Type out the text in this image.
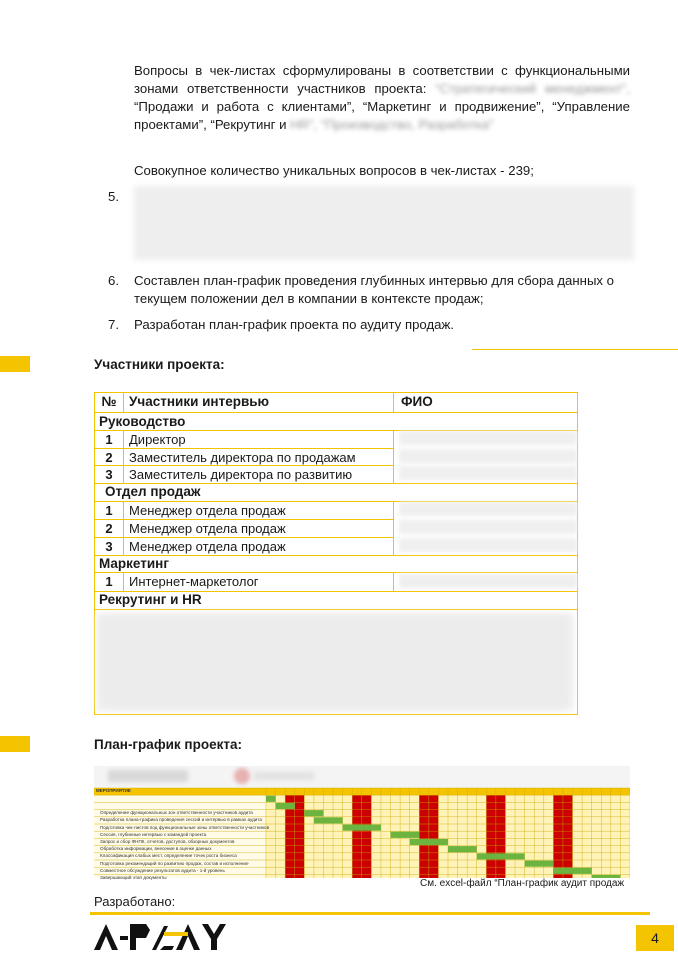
Вопросы в чек-листах сформулированы в соответствии с функциональными зонами ответственности участников проекта: “Стратегический менеджмент”, “Продажи и работа с клиентами”, “Маркетинг и продвижение”, “Управление проектами”, “Рекрутинг и HR”, “Производство, Разработка”
Совокупное количество уникальных вопросов в чек-листах - 239;
5.
6. Составлен план-график проведения глубинных интервью для сбора данных о текущем положении дел в компании в контексте продаж;
7. Разработан план-график проекта по аудиту продаж.
Участники проекта:
№ Участники интервью	ФИО
Руководство
1	Директор
2	Заместитель директора по продажам
3	Заместитель директора по развитию
Отдел продаж
1	Менеджер отдела продаж
2	Менеджер отдела продаж
3	Менеджер отдела продаж
Маркетинг
1	Интернет-маркетолог
Рекрутинг и HR
План-график проекта:
Определение функциональных зон ответственности участников аудита
Разработка плана-графика проведения сессий и интервью в рамках аудита
Подготовка чек-листов под функциональные зоны ответственности участников
Сессия, глубинные интервью с командой проекта
Запрос и сбор ФНПК, отчетов, доступов, обзорных документов
Обработка информации, внесение в оценке данных
Классификация слабых мест, определение точек роста бизнеса
Подготовка рекомендаций по развитию продаж, состав и исполнение
Совместное обсуждение результатов аудита - 1-й уровень
Завершающий этап документы
МЕРОПРИЯТИЕ
См. excel-файл “План-график аудит продаж
Разработано:
4
